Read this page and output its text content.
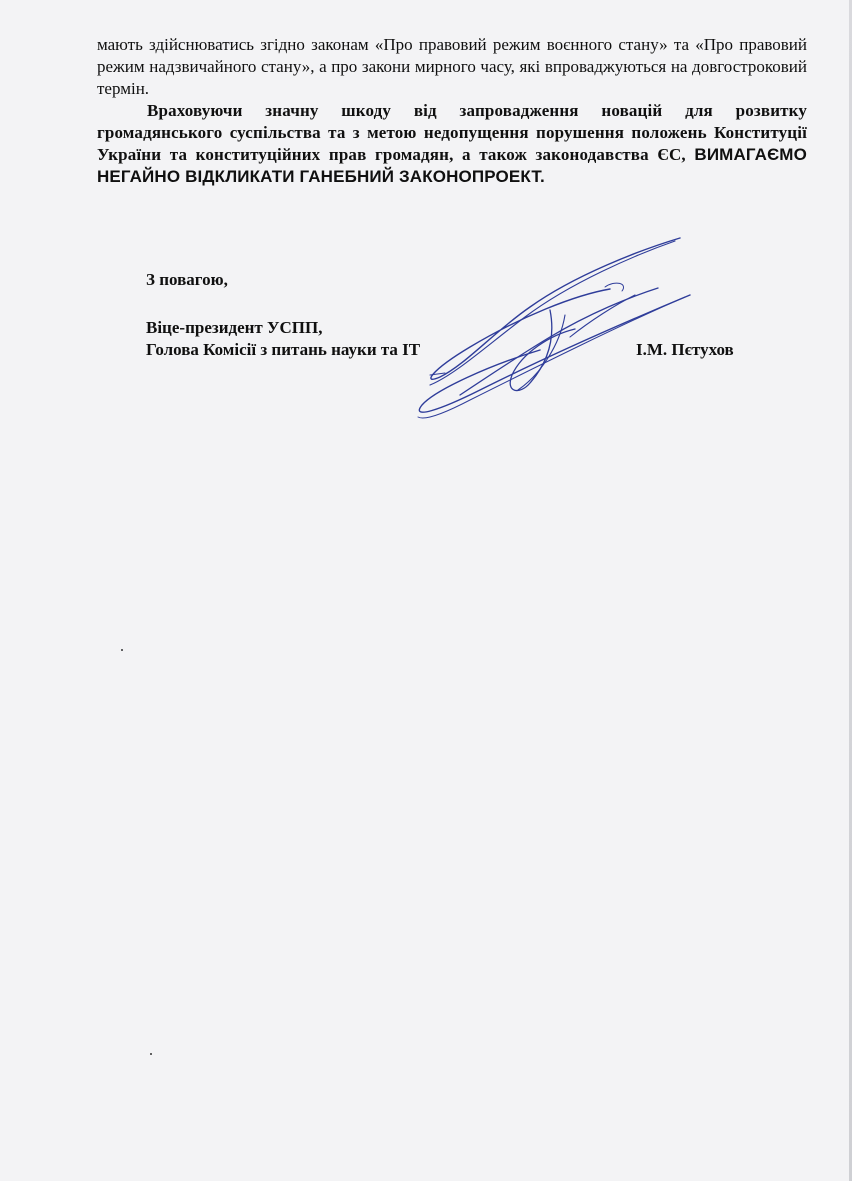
мають здійснюватись згідно законам «Про правовий режим воєнного стану» та «Про правовий режим надзвичайного стану», а про закони мирного часу, які впроваджуються на довгостроковий термін.

Враховуючи значну шкоду від запровадження новацій для розвитку громадянського суспільства та з метою недопущення порушення положень Конституції України та конституційних прав громадян, а також законодавства ЄС, ВИМАГАЄМО НЕГАЙНО ВІДКЛИКАТИ ГАНЕБНИЙ ЗАКОНОПРОЕКТ.

З повагою,
Віце-президент УСПП,
Голова Комісії з питань науки та ІТ	І.М. Пєтухов
